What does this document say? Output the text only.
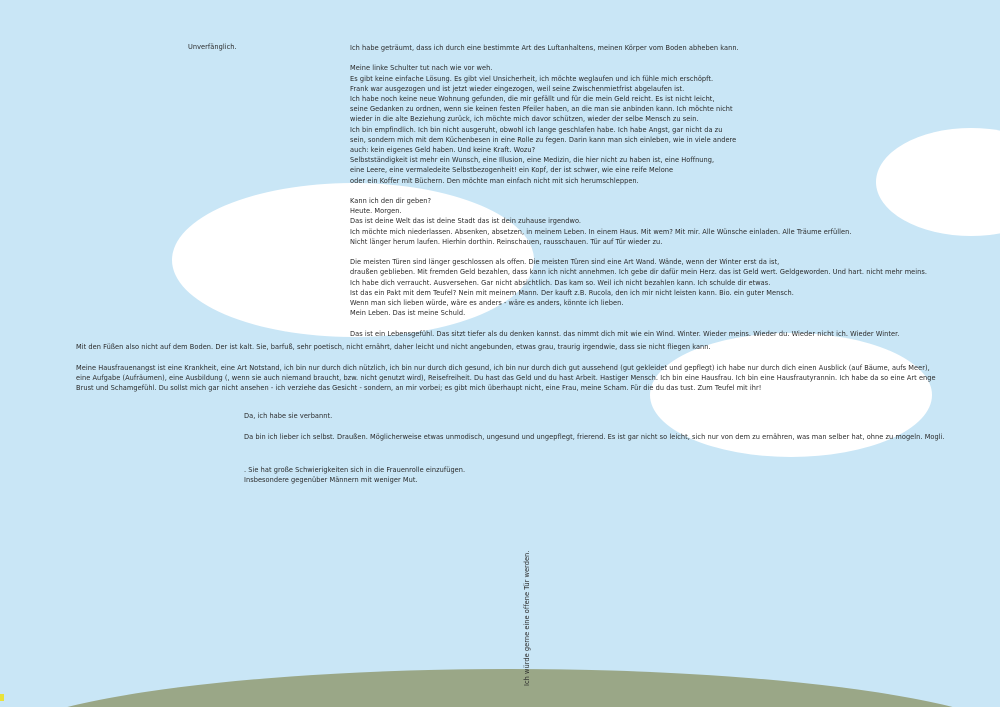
Unverfänglich.	Ich habe geträumt, dass ich durch eine bestimmte Art des Luftanhaltens, meinen Körper vom Boden abheben kann.

Meine linke Schulter tut nach wie vor weh.
Es gibt keine einfache Lösung. Es gibt viel Unsicherheit, ich möchte weglaufen und ich fühle mich erschöpft.
Frank war ausgezogen und ist jetzt wieder eingezogen, weil seine Zwischenmietfrist abgelaufen ist.
Ich habe noch keine neue Wohnung gefunden, die mir gefällt und für die mein Geld reicht. Es ist nicht leicht,
seine Gedanken zu ordnen, wenn sie keinen festen Pfeiler haben, an die man sie anbinden kann. Ich möchte nicht
wieder in die alte Beziehung zurück, ich möchte mich davor schützen, wieder der selbe Mensch zu sein.
Ich bin empfindlich. Ich bin nicht ausgeruht, obwohl ich lange geschlafen habe. Ich habe Angst, gar nicht da zu
sein, sondern mich mit dem Küchenbesen in eine Rolle zu fegen. Darin kann man sich einleben, wie in viele andere
auch: kein eigenes Geld haben. Und keine Kraft. Wozu?
Selbstständigkeit ist mehr ein Wunsch, eine Illusion, eine Medizin, die hier nicht zu haben ist, eine Hoffnung,
eine Leere, eine vermaledeite Selbstbezogenheit! ein Kopf, der ist schwer, wie eine reife Melone
oder ein Koffer mit Büchern. Den möchte man einfach nicht mit sich herumschleppen.

Kann ich den dir geben?
Heute. Morgen.
Das ist deine Welt das ist deine Stadt das ist dein zuhause irgendwo.
Ich möchte mich niederlassen. Absenken, absetzen, in meinem Leben. In einem Haus. Mit wem? Mit mir. Alle Wünsche einladen. Alle Träume erfüllen.
Nicht länger herum laufen. Hierhin dorthin. Reinschauen, rausschauen. Tür auf Tür wieder zu.

Die meisten Türen sind länger geschlossen als offen. Die meisten Türen sind eine Art Wand. Wände, wenn der Winter erst da ist,
draußen geblieben. Mit fremden Geld bezahlen, dass kann ich nicht annehmen. Ich gebe dir dafür mein Herz. das ist Geld wert. Geldgeworden. Und hart. nicht mehr meins.
Ich habe dich verraucht. Ausversehen. Gar nicht absichtlich. Das kam so. Weil ich nicht bezahlen kann. Ich schulde dir etwas.
Ist das ein Pakt mit dem Teufel? Nein mit meinem Mann. Der kauft z.B. Rucola, den ich mir nicht leisten kann. Bio. ein guter Mensch.
Wenn man sich lieben würde, wäre es anders - wäre es anders, könnte ich lieben.
Mein Leben. Das ist meine Schuld.

Das ist ein Lebensgefühl. Das sitzt tiefer als du denken kannst. das nimmt dich mit wie ein Wind. Winter. Wieder meins. Wieder du. Wieder nicht ich. Wieder Winter.
Mit den Füßen also nicht auf dem Boden. Der ist kalt. Sie, barfuß, sehr poetisch, nicht ernährt, daher leicht und nicht angebunden, etwas grau, traurig irgendwie, dass sie nicht fliegen kann.
Meine Hausfrauenangst ist eine Krankheit, eine Art Notstand, ich bin nur durch dich nützlich, ich bin nur durch dich gesund, ich bin nur durch dich gut aussehend (gut gekleidet und gepflegt) ich habe nur durch dich einen Ausblick (auf Bäume, aufs Meer),
eine Aufgabe (Aufräumen), eine Ausbildung (, wenn sie auch niemand braucht, bzw. nicht genutzt wird), Reisefreiheit. Du hast das Geld und du hast Arbeit. Hastiger Mensch. Ich bin eine Hausfrau. Ich bin eine Hausfrautyrannin. Ich habe da so eine Art enge
Brust und Schamgefühl. Du sollst mich gar nicht ansehen - ich verziehe das Gesicht - sondern, an mir vorbei; es gibt mich überhaupt nicht, eine Frau, meine Scham. Für die du das tust. Zum Teufel mit ihr!
Da, ich habe sie verbannt.
Da bin ich lieber ich selbst. Draußen. Möglicherweise etwas unmodisch, ungesund und ungepflegt, frierend. Es ist gar nicht so leicht, sich nur von dem zu ernähren, was man selber hat, ohne zu mogeln. Mogli.
. Sie hat große Schwierigkeiten sich in die Frauenrolle einzufügen.
Insbesondere gegenüber Männern mit weniger Mut.
Ich würde gerne eine offene Tür werden.
